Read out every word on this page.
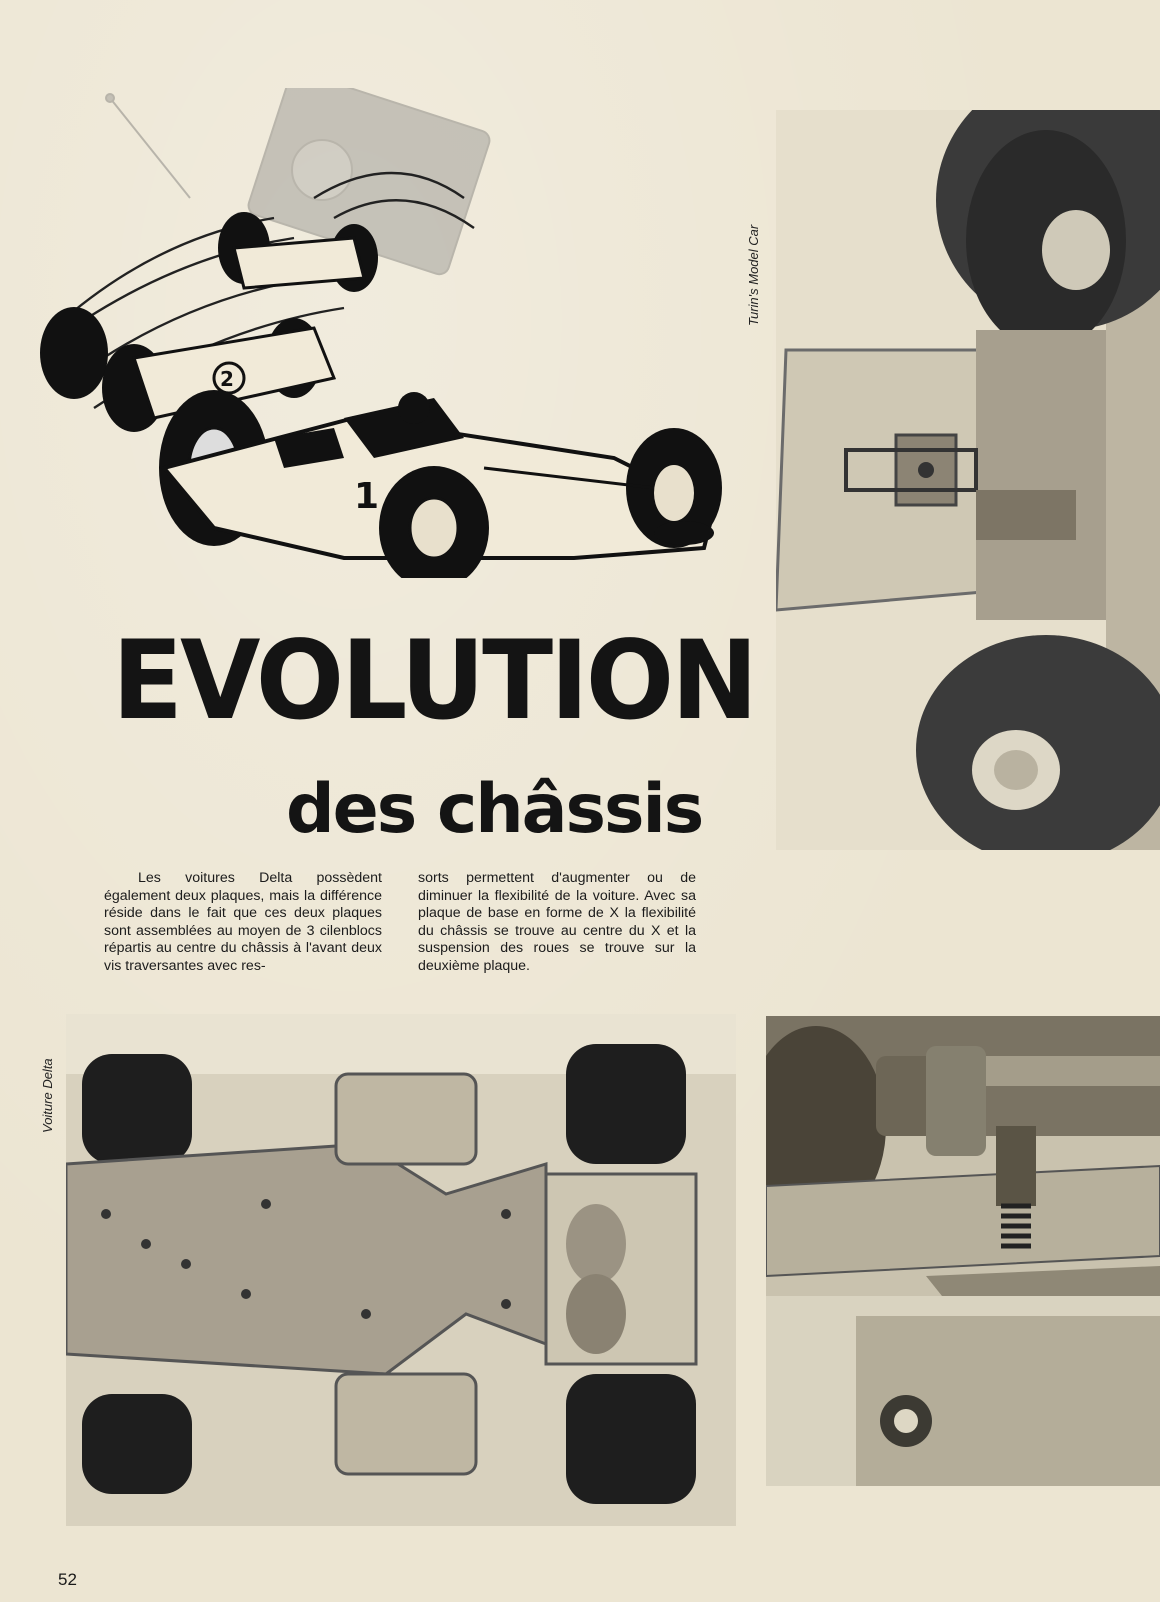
2
1
Turin's Model Car
EVOLUTION
des châssis
Les voitures Delta possèdent également deux plaques, mais la différence réside dans le fait que ces deux plaques sont assemblées au moyen de 3 cilenblocs répartis au centre du châssis à l'avant deux vis traversantes avec res-
sorts permettent d'augmenter ou de diminuer la flexibilité de la voiture. Avec sa plaque de base en forme de X la flexibilité du châssis se trouve au centre du X et la suspension des roues se trouve sur la deuxième plaque.
Voiture Delta
52
